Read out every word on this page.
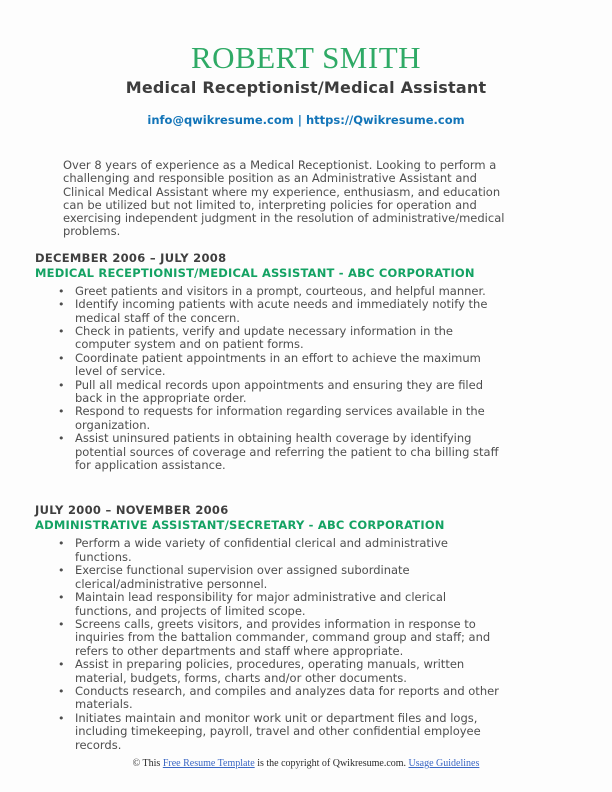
ROBERT SMITH
Medical Receptionist/Medical Assistant
info@qwikresume.com | https://Qwikresume.com
Over 8 years of experience as a Medical Receptionist. Looking to perform a challenging and responsible position as an Administrative Assistant and Clinical Medical Assistant where my experience, enthusiasm, and education can be utilized but not limited to, interpreting policies for operation and exercising independent judgment in the resolution of administrative/medical problems.
DECEMBER 2006 – JULY 2008
MEDICAL RECEPTIONIST/MEDICAL ASSISTANT - ABC CORPORATION
• Greet patients and visitors in a prompt, courteous, and helpful manner.
• Identify incoming patients with acute needs and immediately notify the medical staff of the concern.
• Check in patients, verify and update necessary information in the computer system and on patient forms.
• Coordinate patient appointments in an effort to achieve the maximum level of service.
• Pull all medical records upon appointments and ensuring they are filed back in the appropriate order.
• Respond to requests for information regarding services available in the organization.
• Assist uninsured patients in obtaining health coverage by identifying potential sources of coverage and referring the patient to cha billing staff for application assistance.
JULY 2000 – NOVEMBER 2006
ADMINISTRATIVE ASSISTANT/SECRETARY - ABC CORPORATION
• Perform a wide variety of confidential clerical and administrative functions.
• Exercise functional supervision over assigned subordinate clerical/administrative personnel.
• Maintain lead responsibility for major administrative and clerical functions, and projects of limited scope.
• Screens calls, greets visitors, and provides information in response to inquiries from the battalion commander, command group and staff; and refers to other departments and staff where appropriate.
• Assist in preparing policies, procedures, operating manuals, written material, budgets, forms, charts and/or other documents.
• Conducts research, and compiles and analyzes data for reports and other materials.
• Initiates maintain and monitor work unit or department files and logs, including timekeeping, payroll, travel and other confidential employee records.
© This Free Resume Template is the copyright of Qwikresume.com. Usage Guidelines
